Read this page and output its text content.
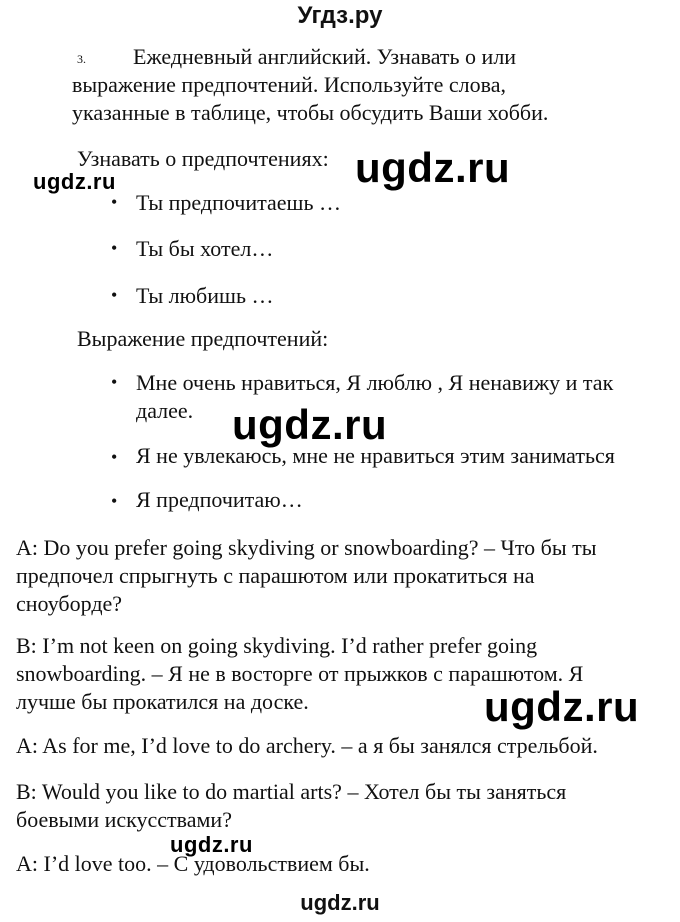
Угдз.ру
3. Ежедневный английский. Узнавать о или
выражение предпочтений. Используйте слова,
указанные в таблице, чтобы обсудить Ваши хобби.
Узнавать о предпочтениях:
• Ты предпочитаешь …
• Ты бы хотел…
• Ты любишь …
Выражение предпочтений:
• Мне очень нравиться, Я люблю , Я ненавижу и так
далее.
• Я не увлекаюсь, мне не нравиться этим заниматься
• Я предпочитаю…
A: Do you prefer going skydiving or snowboarding? – Что бы ты
предпочел спрыгнуть с парашютом или прокатиться на
сноуборде?
B: I’m not keen on going skydiving. I’d rather prefer going
snowboarding. – Я не в восторге от прыжков с парашютом. Я
лучше бы прокатился на доске.
A: As for me, I’d love to do archery. – а я бы занялся стрельбой.
B: Would you like to do martial arts? – Хотел бы ты заняться
боевыми искусствами?
A: I’d love too. – С удовольствием бы.
ugdz.ru	ugdz.ru
ugdz.ru
ugdz.ru
ugdz.ru
ugdz.ru
